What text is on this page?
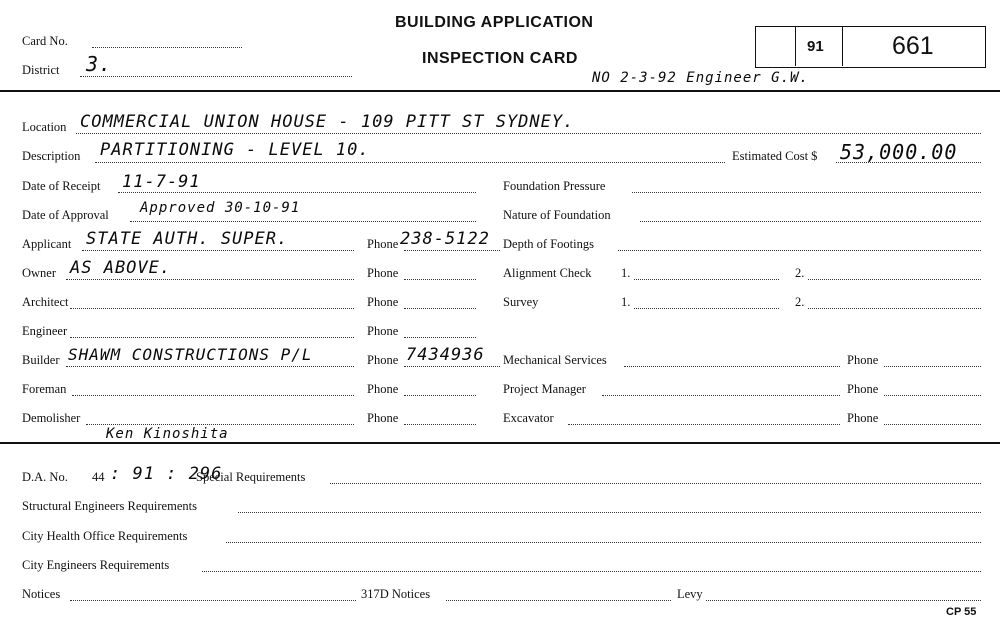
Card No.
District 3.
BUILDING APPLICATION
INSPECTION CARD
91	661
NO 2-3-92 Engineer G.W.
Location COMMERCIAL UNION HOUSE - 109 PITT ST SYDNEY.
Description PARTITIONING - LEVEL 10.	Estimated Cost $ 53,000.00
Date of Receipt 11-7-91
Date of Approval Approved 30-10-91
Applicant STATE AUTH. SUPER.	Phone 238-5122
Owner AS ABOVE.	Phone
Architect	Phone
Engineer	Phone
Builder SHAWM CONSTRUCTIONS P/L	Phone 7434936
Foreman	Phone
Demolisher	Phone
Ken Kinoshita
Foundation Pressure
Nature of Foundation
Depth of Footings
Alignment Check 1.	2.
Survey	1.	2.
Mechanical Services	Phone
Project Manager	Phone
Excavator	Phone
D.A. No. 44 : 91 : 296
Special Requirements
Structural Engineers Requirements
City Health Office Requirements
City Engineers Requirements
Notices	317D Notices	Levy
CP 55
